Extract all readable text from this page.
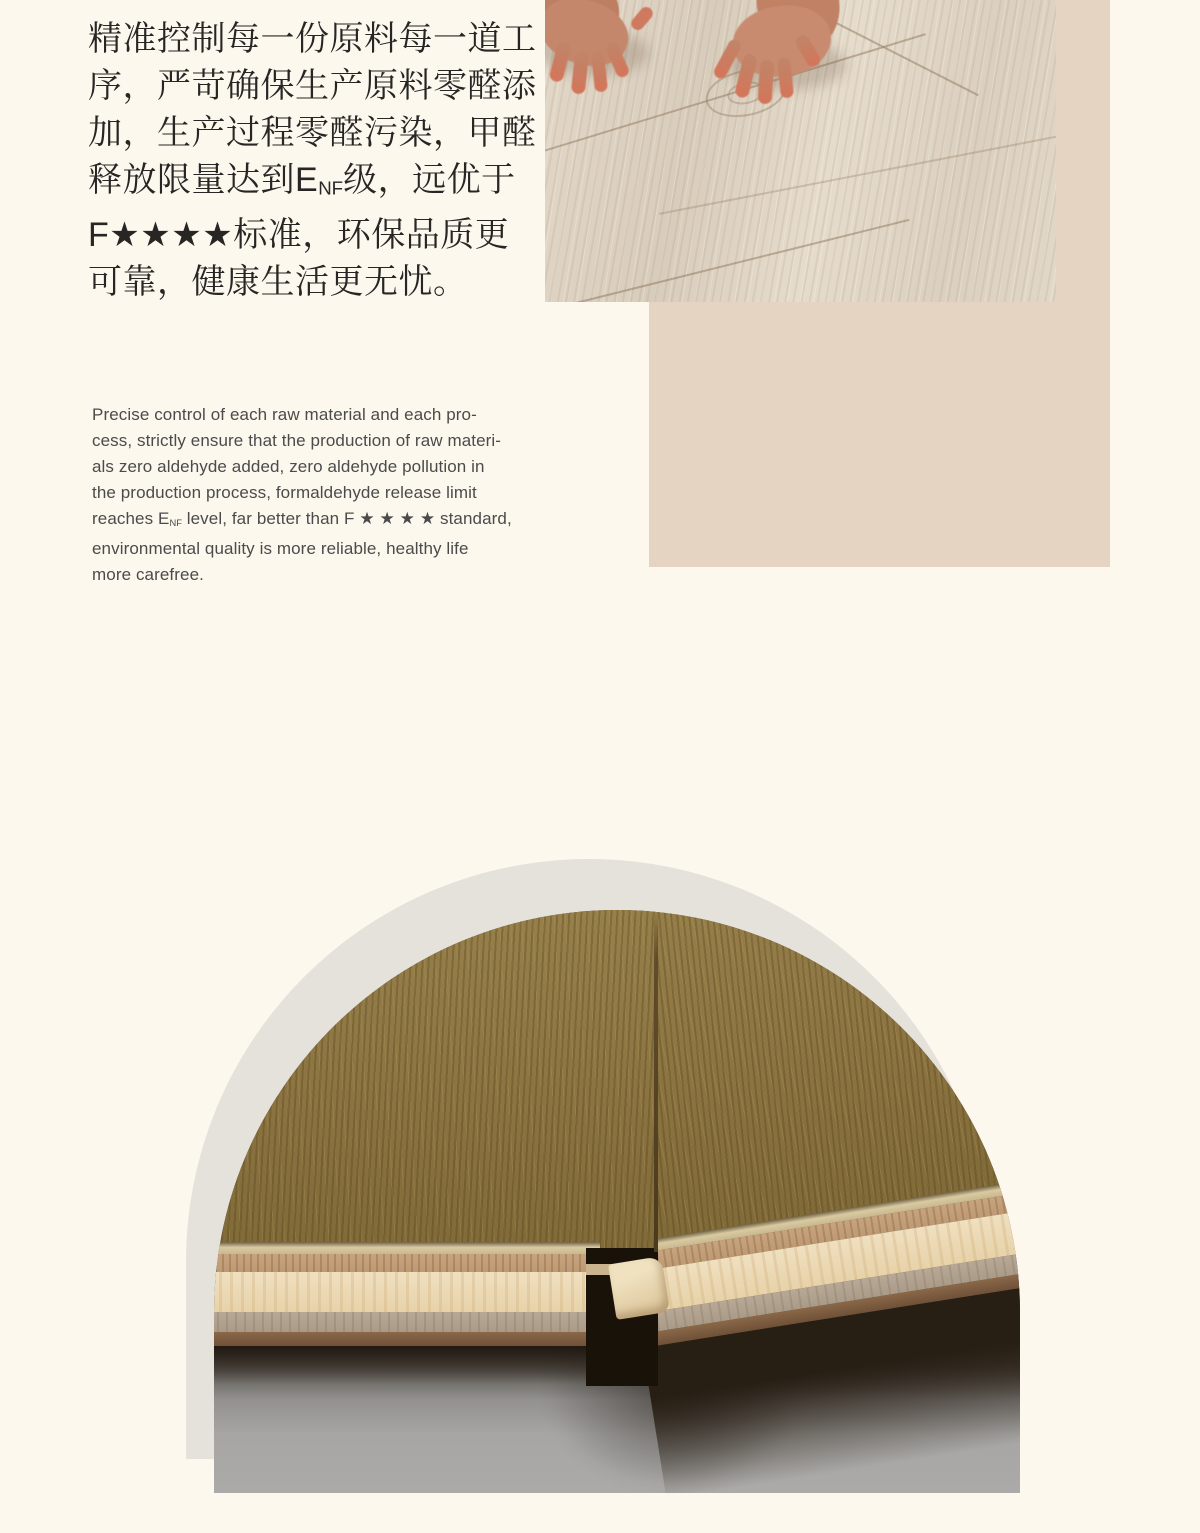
精准控制每一份原料每一道工
序，严苛确保生产原料零醛添
加，生产过程零醛污染，甲醛
释放限量达到$E_{NF}$级，远优于
F★★★★标准，环保品质更
可靠，健康生活更无忧。
Precise control of each raw material and each pro-
cess, strictly ensure that the production of raw materi-
als zero aldehyde added, zero aldehyde pollution in
the production process, formaldehyde release limit
reaches $E_{NF}$ level, far better than F ★ ★ ★ ★ standard,
environmental quality is more reliable, healthy life
more carefree.
